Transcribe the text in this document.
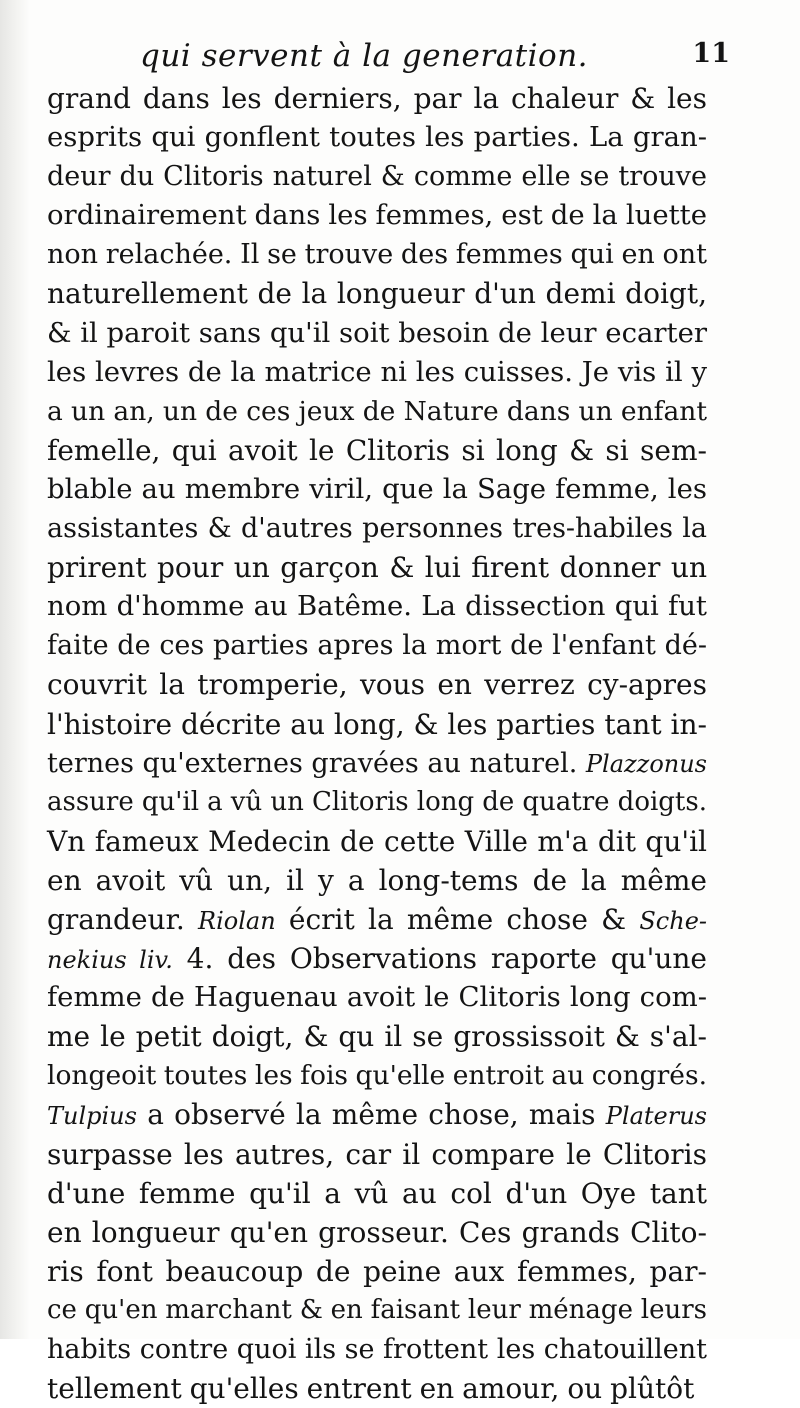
qui servent à la generation.	11
grand dans les derniers, par la chaleur & les
esprits qui gonflent toutes les parties. La gran-
deur du Clitoris naturel & comme elle se trouve
ordinairement dans les femmes, est de la luette
non relachée. Il se trouve des femmes qui en ont
naturellement de la longueur d'un demi doigt,
& il paroit sans qu'il soit besoin de leur ecarter
les levres de la matrice ni les cuisses. Je vis il y
a un an, un de ces jeux de Nature dans un enfant
femelle, qui avoit le Clitoris si long & si sem-
blable au membre viril, que la Sage femme, les
assistantes & d'autres personnes tres-habiles la
prirent pour un garçon & lui firent donner un
nom d'homme au Batême. La dissection qui fut
faite de ces parties apres la mort de l'enfant dé-
couvrit la tromperie, vous en verrez cy-apres
l'histoire décrite au long, & les parties tant in-
ternes qu'externes gravées au naturel. Plazzonus
assure qu'il a vû un Clitoris long de quatre doigts.
Vn fameux Medecin de cette Ville m'a dit qu'il
en avoit vû un, il y a long-tems de la même
grandeur. Riolan écrit la même chose & Sche-
nekius liv. 4. des Observations raporte qu'une
femme de Haguenau avoit le Clitoris long com-
me le petit doigt, & qu il se grossissoit & s'al-
longeoit toutes les fois qu'elle entroit au congrés.
Tulpius a observé la même chose, mais Platerus
surpasse les autres, car il compare le Clitoris
d'une femme qu'il a vû au col d'un Oye tant
en longueur qu'en grosseur. Ces grands Clito-
ris font beaucoup de peine aux femmes, par-
ce qu'en marchant & en faisant leur ménage leurs
habits contre quoi ils se frottent les chatouillent
tellement qu'elles entrent en amour, ou plûtôt
